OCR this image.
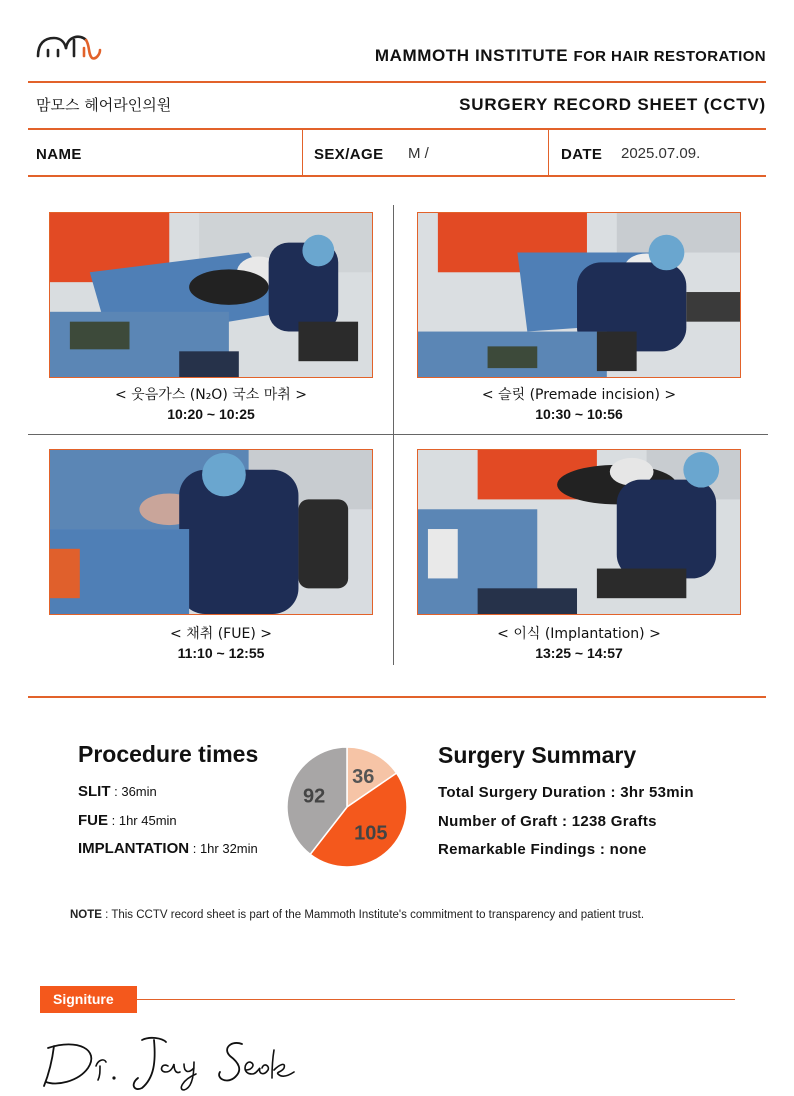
MAMMOTH INSTITUTE FOR HAIR RESTORATION
맘모스 헤어라인의원	SURGERY RECORD SHEET (CCTV)
NAME	SEX/AGE M /	DATE 2025.07.09.
< 웃음가스 (N₂O) 국소 마취 >
10:20 ~ 10:25
< 슬릿 (Premade incision) >
10:30 ~ 10:56
< 채취 (FUE) >
11:10 ~ 12:55
< 이식 (Implantation) >
13:25 ~ 14:57
Procedure times
SLIT : 36min
FUE : 1hr 45min
IMPLANTATION : 1hr 32min
36
105
92
Surgery Summary
Total Surgery Duration : 3hr 53min
Number of Graft : 1238 Grafts
Remarkable Findings : none
NOTE : This CCTV record sheet is part of the Mammoth Institute's commitment to transparency and patient trust.
Signiture
